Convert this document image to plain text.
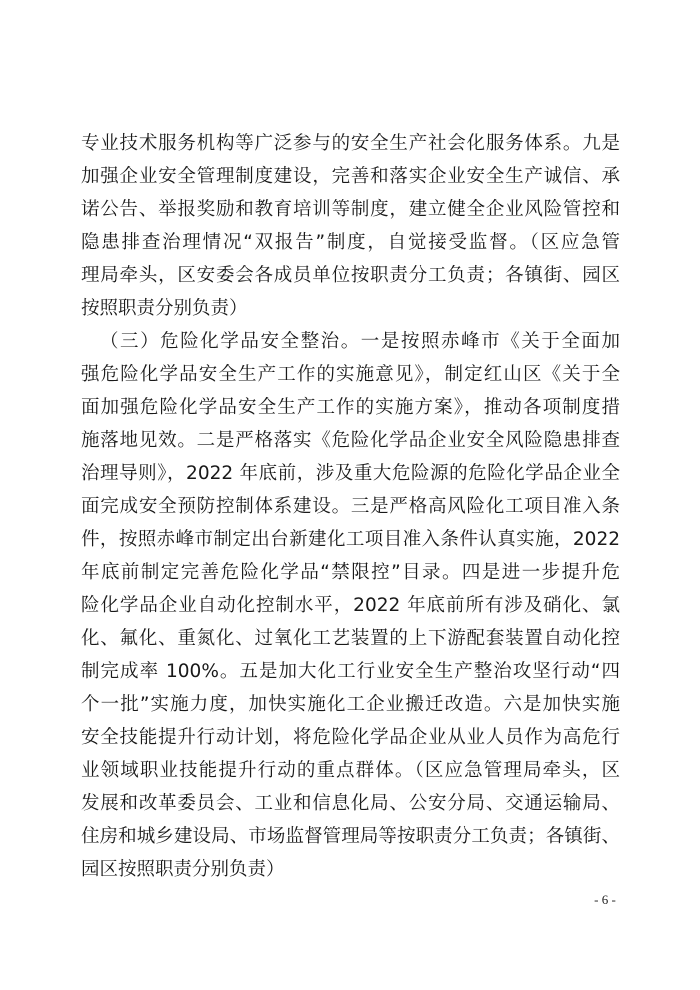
专业技术服务机构等广泛参与的安全生产社会化服务体系。九是
加强企业安全管理制度建设，完善和落实企业安全生产诚信、承
诺公告、举报奖励和教育培训等制度，建立健全企业风险管控和
隐患排查治理情况“双报告”制度，自觉接受监督。（区应急管
理局牵头，区安委会各成员单位按职责分工负责；各镇街、园区
按照职责分别负责）
（三）危险化学品安全整治。一是按照赤峰市《关于全面加
强危险化学品安全生产工作的实施意见》，制定红山区《关于全
面加强危险化学品安全生产工作的实施方案》，推动各项制度措
施落地见效。二是严格落实《危险化学品企业安全风险隐患排查
治理导则》，2022 年底前，涉及重大危险源的危险化学品企业全
面完成安全预防控制体系建设。三是严格高风险化工项目准入条
件，按照赤峰市制定出台新建化工项目准入条件认真实施，2022
年底前制定完善危险化学品“禁限控”目录。四是进一步提升危
险化学品企业自动化控制水平，2022 年底前所有涉及硝化、氯
化、氟化、重氮化、过氧化工艺装置的上下游配套装置自动化控
制完成率 100%。五是加大化工行业安全生产整治攻坚行动“四
个一批”实施力度，加快实施化工企业搬迁改造。六是加快实施
安全技能提升行动计划，将危险化学品企业从业人员作为高危行
业领域职业技能提升行动的重点群体。（区应急管理局牵头，区
发展和改革委员会、工业和信息化局、公安分局、交通运输局、
住房和城乡建设局、市场监督管理局等按职责分工负责；各镇街、
园区按照职责分别负责）
- 6 -
